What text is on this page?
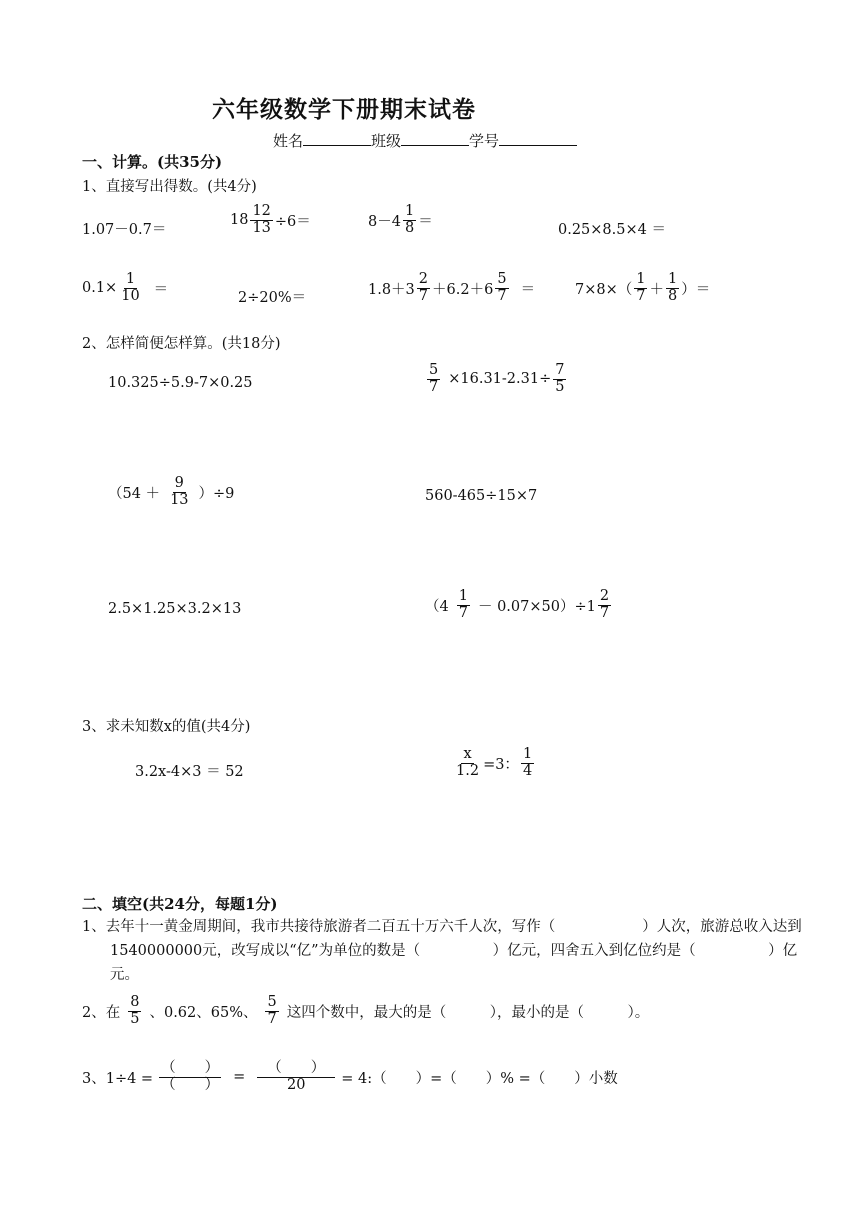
六年级数学下册期末试卷
姓名	班级	学号
一、计算。(共35分)
1、直接写出得数。(共4分)
1.07－0.7＝
$18 \frac{12}{13} \div 6=$	$8-4 \frac{1}{8}$ ＝
0.25×8.5×4 ＝
$0.1\times \frac{1}{10}$ ＝
2÷20%＝
$1.8+3 \frac{2}{7} +6.2+6 \frac{5}{7}$ ＝	$7\times 8\times( \frac{1}{7} + \frac{1}{8}$ ）＝
2、怎样简便怎样算。(共18分)
10.325÷5.9-7×0.25	$\frac{5}{7} \times 16.31-2.31\div \frac{7}{5}$
$(54 + \frac{9}{13} )\div 9$	560-465÷15×7
2.5×1.25×3.2×13	$(4 \frac{1}{7} - 0.07\times 50)\div 1 \frac{2}{7}$
3、求未知数x的值(共4分)
3.2x-4×3 ＝ 52	$\frac{x}{1.2} =3$： $\frac{1}{4}$
二、填空(共24分，每题1分)
1、去年十一黄金周期间，我市共接待旅游者二百五十万六千人次，写作（　　　　　　）人次，旅游总收入达到1540000000元，改写成以“亿”为单位的数是（　　　　　）亿元，四舍五入到亿位约是（　　　　　）亿元。
2、在 $\frac{8}{5}$ 、0.62、65%、 $\frac{5}{7}$ 这四个数中，最大的是（　　　），最小的是（　　　）。
3、$1\div 4 = \frac{( )}{( )} = \frac{( )}{20}$ = 4:（　　）=（　　）% =（　　）小数
